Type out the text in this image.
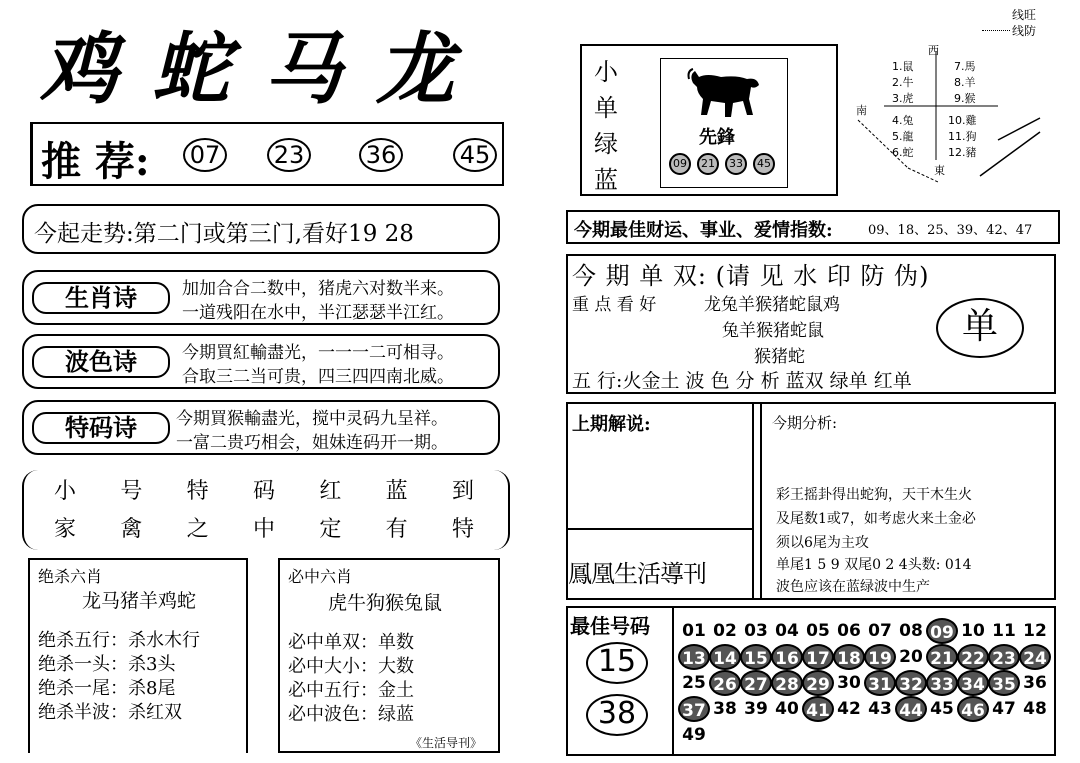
鸡蛇马龙
推 荐: 07 23	36	45
今起走势:第二门或第三门,看好19 28
生肖诗	加加合合二数中，猪虎六对数半来。
一道残阳在水中，半江瑟瑟半江红。
波色诗	今期買紅輸盡光，一一一二可相寻。
合取三二当可贵，四三四四南北威。
特码诗	今期買猴輸盡光，搅中灵码九呈祥。
一富二贵巧相会，姐妹连码开一期。
小 号 特 码 红 蓝 到
家 禽 之 中 定 有 特
绝杀六肖
龙马猪羊鸡蛇
绝杀五行：杀水木行
绝杀一头：杀3头
绝杀一尾：杀8尾
绝杀半波：杀红双
必中六肖
虎牛狗猴兔鼠
必中单双：单数
必中大小：大数
必中五行：金土
必中波色：绿蓝
《生活导刊》
线旺
线防
小
单
绿
蓝
先鋒
09	21	33	45
西
南
東
1.鼠
2.牛
3.虎
4.兔
5.龍
6.蛇
7.馬
8.羊
9.猴
10.雞
11.狗
12.豬
今期最佳财运、事业、爱情指数:	09、18、25、39、42、47
今 期 单 双: (请 见 水 印 防 伪)
重 点 看 好	龙兔羊猴猪蛇鼠鸡
兔羊猴猪蛇鼠
猴猪蛇
单
五 行:火金土 波 色 分 析 蓝双 绿单 红单
上期解说:	今期分析:
彩王摇卦得出蛇狗，天干木生火
及尾数1或7，如考虑火来土金必
须以6尾为主攻
单尾1 5 9 双尾0 2 4头数: 014
波色应该在蓝绿波中生产
鳳凰生活導刊
最佳号码
15
38
01 02 03 04 05 06 07 08 09 10 11 12
13 14 15 16 17 18 19 20 21 22 23 24
25 26 27 28 29 30 31 32 33 34 35 36
37 38 39 40 41 42 43 44 45 46 47 48
49
